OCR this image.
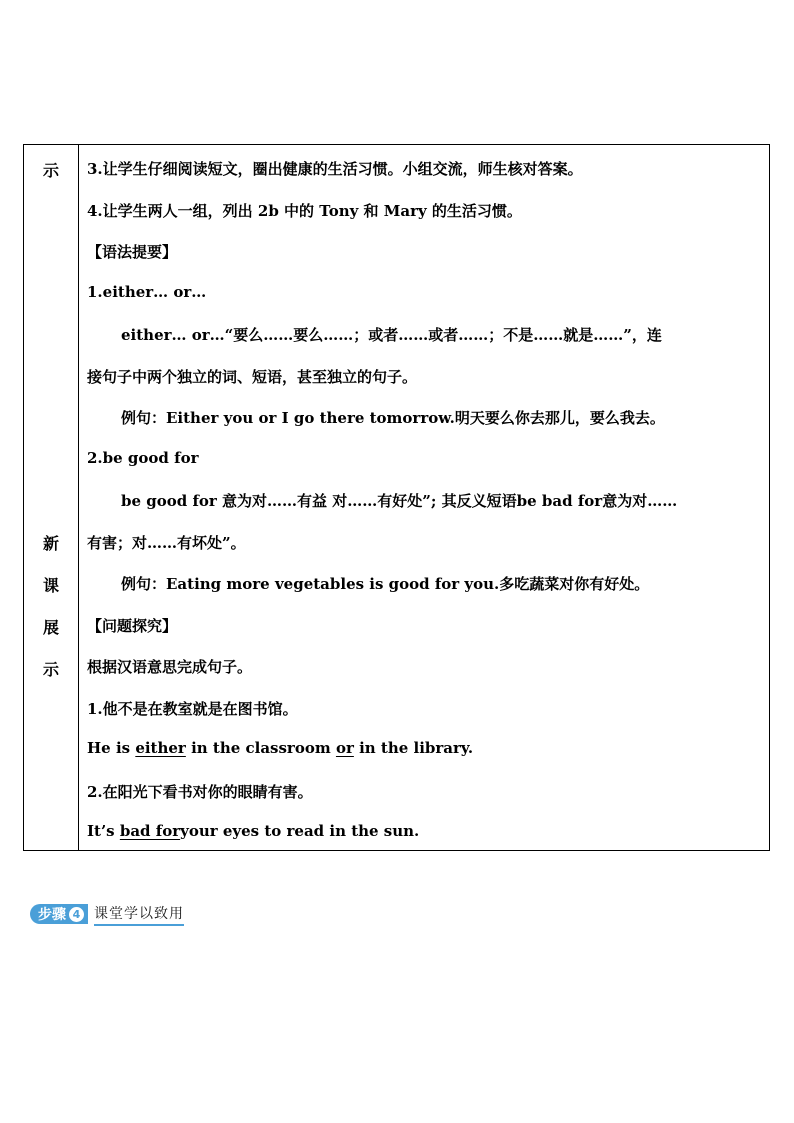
示
新
课
展
示
3.让学生仔细阅读短文，圈出健康的生活习惯。小组交流，师生核对答案。
4.让学生两人一组，列出 2b 中的 Tony 和 Mary 的生活习惯。
【语法提要】
1.either… or…
either… or…“要么……要么……；或者……或者……；不是……就是……”，连
接句子中两个独立的词、短语，甚至独立的句子。
例句：Either you or I go there tomorrow.明天要么你去那儿，要么我去。
2.be good for
be good for 意为对……有益 对……有好处”; 其反义短语be bad for意为对……
有害；对……有坏处”。
例句：Eating more vegetables is good for you.多吃蔬菜对你有好处。
【问题探究】
根据汉语意思完成句子。
1.他不是在教室就是在图书馆。
He is either in the classroom or in the library.
2.在阳光下看书对你的眼睛有害。
It’s bad foryour eyes to read in the sun.
步骤 4 课堂学以致用
